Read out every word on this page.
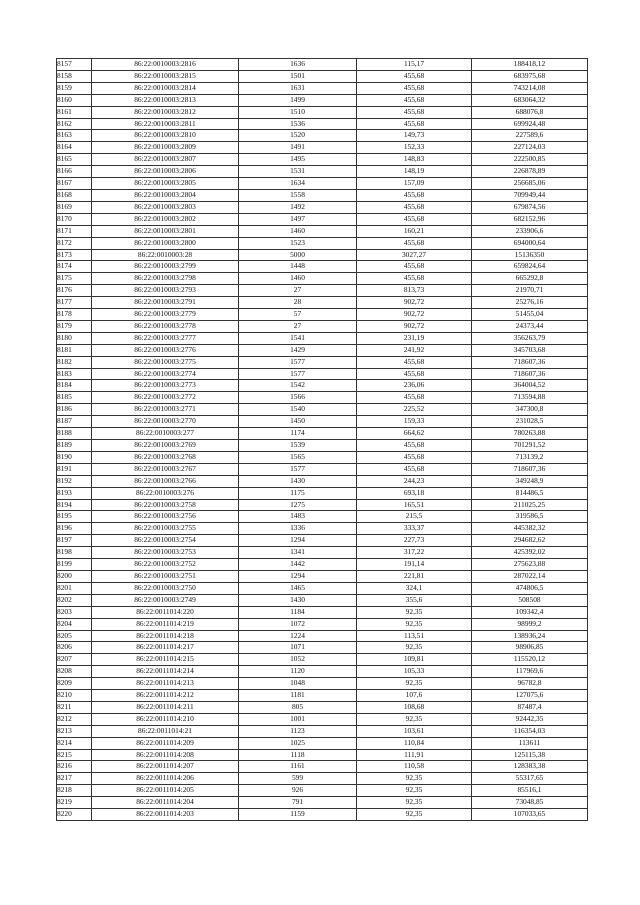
8157	86:22:0010003:2816	1636	115,17	188418,12
8158	86:22:0010003:2815	1501	455,68	683975,68
8159	86:22:0010003:2814	1631	455,68	743214,08
8160	86:22:0010003:2813	1499	455,68	683064,32
8161	86:22:0010003:2812	1510	455,68	688076,8
8162	86:22:0010003:2811	1536	455,68	699924,48
8163	86:22:0010003:2810	1520	149,73	227589,6
8164	86:22:0010003:2809	1491	152,33	227124,03
8165	86:22:0010003:2807	1495	148,83	222500,85
8166	86:22:0010003:2806	1531	148,19	226878,89
8167	86:22:0010003:2805	1634	157,09	256685,06
8168	86:22:0010003:2804	1558	455,68	709949,44
8169	86:22:0010003:2803	1492	455,68	679874,56
8170	86:22:0010003:2802	1497	455,68	682152,96
8171	86:22:0010003:2801	1460	160,21	233906,6
8172	86:22:0010003:2800	1523	455,68	694000,64
8173	86:22:0010003:28	5000	3027,27	15136350
8174	86:22:0010003:2799	1448	455,68	659824,64
8175	86:22:0010003:2798	1460	455,68	665292,8
8176	86:22:0010003:2793	27	813,73	21970,71
8177	86:22:0010003:2791	28	902,72	25276,16
8178	86:22:0010003:2779	57	902,72	51455,04
8179	86:22:0010003:2778	27	902,72	24373,44
8180	86:22:0010003:2777	1541	231,19	356263,79
8181	86:22:0010003:2776	1429	241,92	345703,68
8182	86:22:0010003:2775	1577	455,68	718607,36
8183	86:22:0010003:2774	1577	455,68	718607,36
8184	86:22:0010003:2773	1542	236,06	364004,52
8185	86:22:0010003:2772	1566	455,68	713594,88
8186	86:22:0010003:2771	1540	225,52	347300,8
8187	86:22:0010003:2770	1450	159,33	231028,5
8188	86:22:0010003:277	1174	664,62	780263,88
8189	86:22:0010003:2769	1539	455,68	701291,52
8190	86:22:0010003:2768	1565	455,68	713139,2
8191	86:22:0010003:2767	1577	455,68	718607,36
8192	86:22:0010003:2766	1430	244,23	349248,9
8193	86:22:0010003:276	1175	693,18	814486,5
8194	86:22:0010003:2758	1275	165,51	211025,25
8195	86:22:0010003:2756	1483	215,5	319586,5
8196	86:22:0010003:2755	1336	333,37	445382,32
8197	86:22:0010003:2754	1294	227,73	294682,62
8198	86:22:0010003:2753	1341	317,22	425392,02
8199	86:22:0010003:2752	1442	191,14	275623,88
8200	86:22:0010003:2751	1294	221,81	287022,14
8201	86:22:0010003:2750	1465	324,1	474806,5
8202	86:22:0010003:2749	1430	355,6	508508
8203	86:22:0011014:220	1184	92,35	109342,4
8204	86:22:0011014:219	1072	92,35	98999,2
8205	86:22:0011014:218	1224	113,51	138936,24
8206	86:22:0011014:217	1071	92,35	98906,85
8207	86:22:0011014:215	1052	109,81	115520,12
8208	86:22:0011014:214	1120	105,33	117969,6
8209	86:22:0011014:213	1048	92,35	96782,8
8210	86:22:0011014:212	1181	107,6	127075,6
8211	86:22:0011014:211	805	108,68	87487,4
8212	86:22:0011014:210	1001	92,35	92442,35
8213	86:22:0011014:21	1123	103,61	116354,03
8214	86:22:0011014:209	1025	110,84	113611
8215	86:22:0011014:208	1118	111,91	125115,38
8216	86:22:0011014:207	1161	110,58	128383,38
8217	86:22:0011014:206	599	92,35	55317,65
8218	86:22:0011014:205	926	92,35	85516,1
8219	86:22:0011014:204	791	92,35	73048,85
8220	86:22:0011014:203	1159	92,35	107033,65
